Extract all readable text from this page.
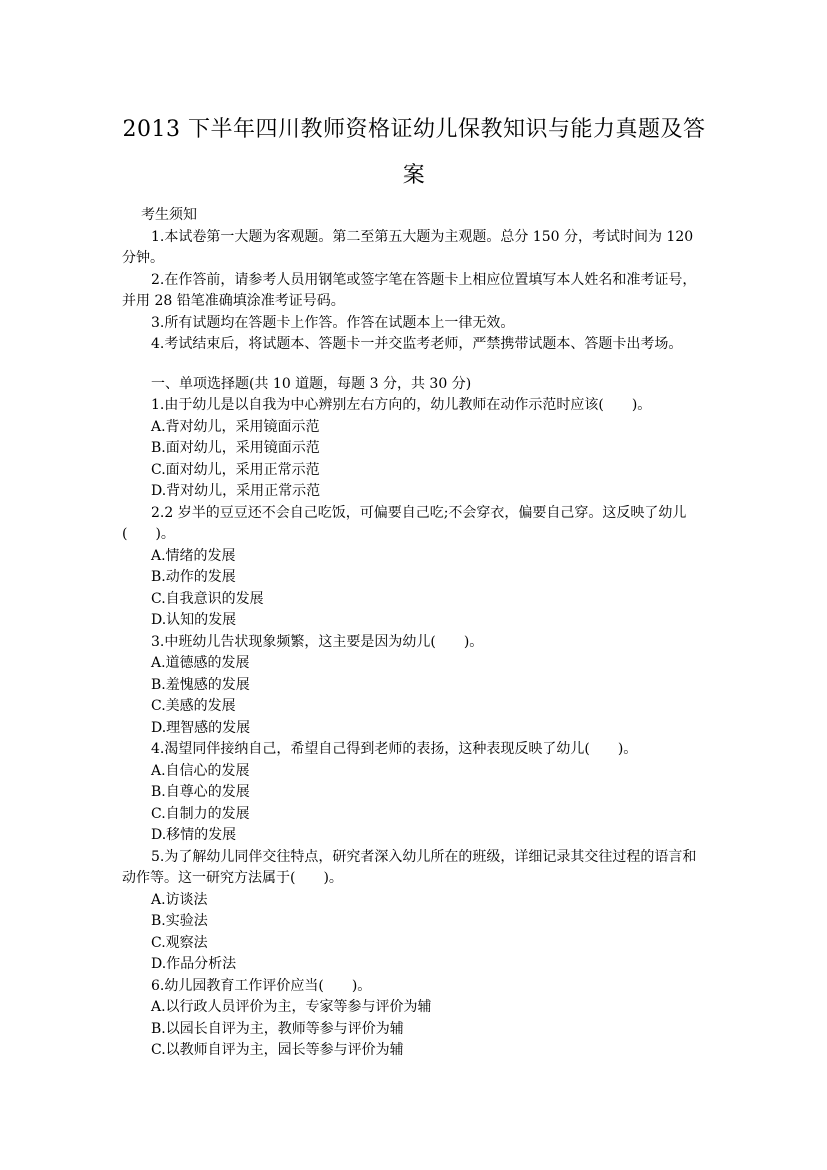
2013 下半年四川教师资格证幼儿保教知识与能力真题及答
案

考生须知

1.本试卷第一大题为客观题。第二至第五大题为主观题。总分 150 分，考试时间为 120 分钟。

2.在作答前，请参考人员用钢笔或签字笔在答题卡上相应位置填写本人姓名和准考证号，并用 28 铅笔准确填涂准考证号码。

3.所有试题均在答题卡上作答。作答在试题本上一律无效。

4.考试结束后，将试题本、答题卡一并交监考老师，严禁携带试题本、答题卡出考场。

一、单项选择题(共 10 道题，每题 3 分，共 30 分)

1.由于幼儿是以自我为中心辨别左右方向的，幼儿教师在动作示范时应该(　　)。

A.背对幼儿，采用镜面示范

B.面对幼儿，采用镜面示范

C.面对幼儿，采用正常示范

D.背对幼儿，采用正常示范

2.2 岁半的豆豆还不会自己吃饭，可偏要自己吃;不会穿衣，偏要自己穿。这反映了幼儿(　　)。

A.情绪的发展

B.动作的发展

C.自我意识的发展

D.认知的发展

3.中班幼儿告状现象频繁，这主要是因为幼儿(　　)。

A.道德感的发展

B.羞愧感的发展

C.美感的发展

D.理智感的发展

4.渴望同伴接纳自己，希望自己得到老师的表扬，这种表现反映了幼儿(　　)。

A.自信心的发展

B.自尊心的发展

C.自制力的发展

D.移情的发展

5.为了解幼儿同伴交往特点，研究者深入幼儿所在的班级，详细记录其交往过程的语言和动作等。这一研究方法属于(　　)。

A.访谈法

B.实验法

C.观察法

D.作品分析法

6.幼儿园教育工作评价应当(　　)。

A.以行政人员评价为主，专家等参与评价为辅

B.以园长自评为主，教师等参与评价为辅

C.以教师自评为主，园长等参与评价为辅
